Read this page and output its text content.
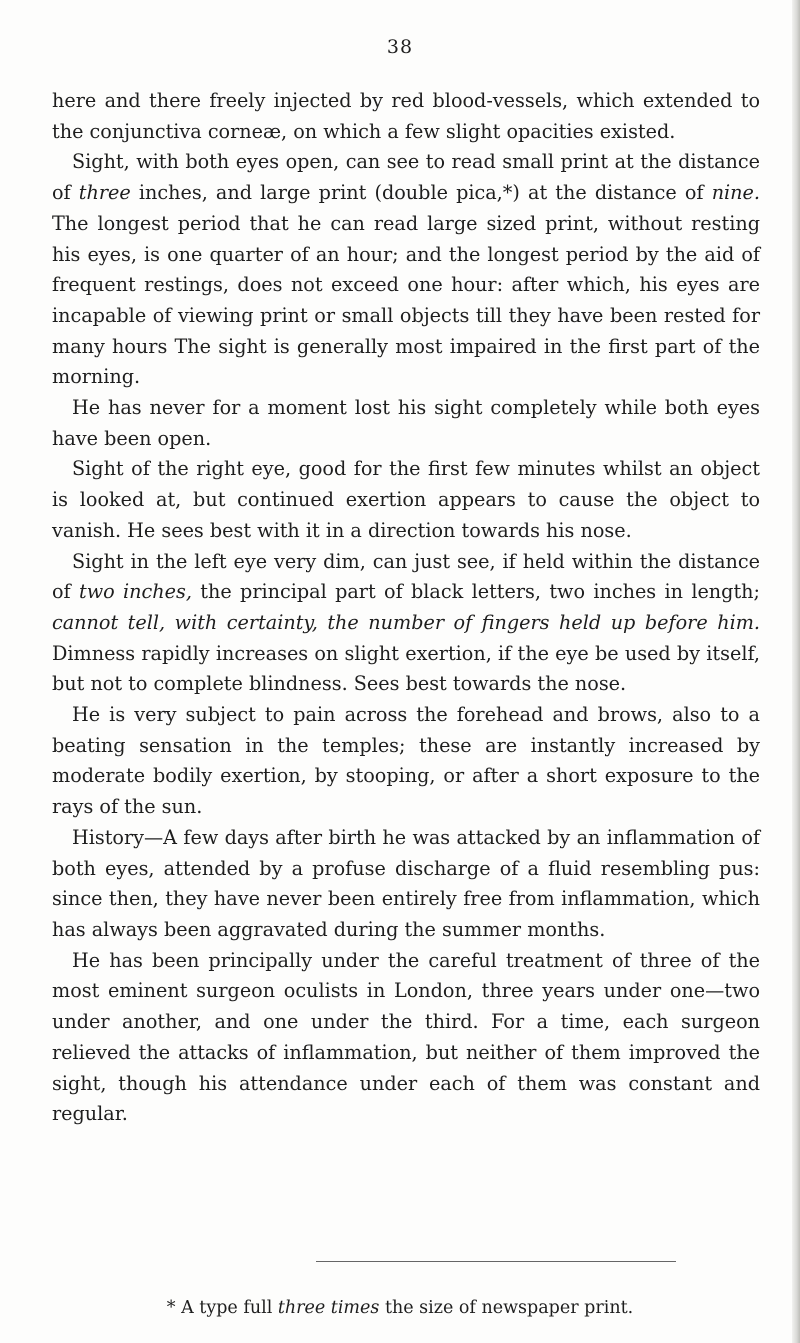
38

here and there freely injected by red blood-vessels, which extended to the conjunctiva corneæ, on which a few slight opacities existed.

Sight, with both eyes open, can see to read small print at the distance of three inches, and large print (double pica,*) at the distance of nine. The longest period that he can read large sized print, without resting his eyes, is one quarter of an hour; and the longest period by the aid of frequent restings, does not exceed one hour: after which, his eyes are incapable of viewing print or small objects till they have been rested for many hours The sight is generally most impaired in the first part of the morning.

He has never for a moment lost his sight completely while both eyes have been open.

Sight of the right eye, good for the first few minutes whilst an object is looked at, but continued exertion appears to cause the object to vanish. He sees best with it in a direction towards his nose.

Sight in the left eye very dim, can just see, if held within the distance of two inches, the principal part of black letters, two inches in length; cannot tell, with certainty, the number of fingers held up before him. Dimness rapidly increases on slight exertion, if the eye be used by itself, but not to complete blindness. Sees best towards the nose.

He is very subject to pain across the forehead and brows, also to a beating sensation in the temples; these are instantly increased by moderate bodily exertion, by stooping, or after a short exposure to the rays of the sun.

History—A few days after birth he was attacked by an inflammation of both eyes, attended by a profuse discharge of a fluid resembling pus: since then, they have never been entirely free from inflammation, which has always been aggravated during the summer months.

He has been principally under the careful treatment of three of the most eminent surgeon oculists in London, three years under one—two under another, and one under the third. For a time, each surgeon relieved the attacks of inflammation, but neither of them improved the sight, though his attendance under each of them was constant and regular.

* A type full three times the size of newspaper print.
